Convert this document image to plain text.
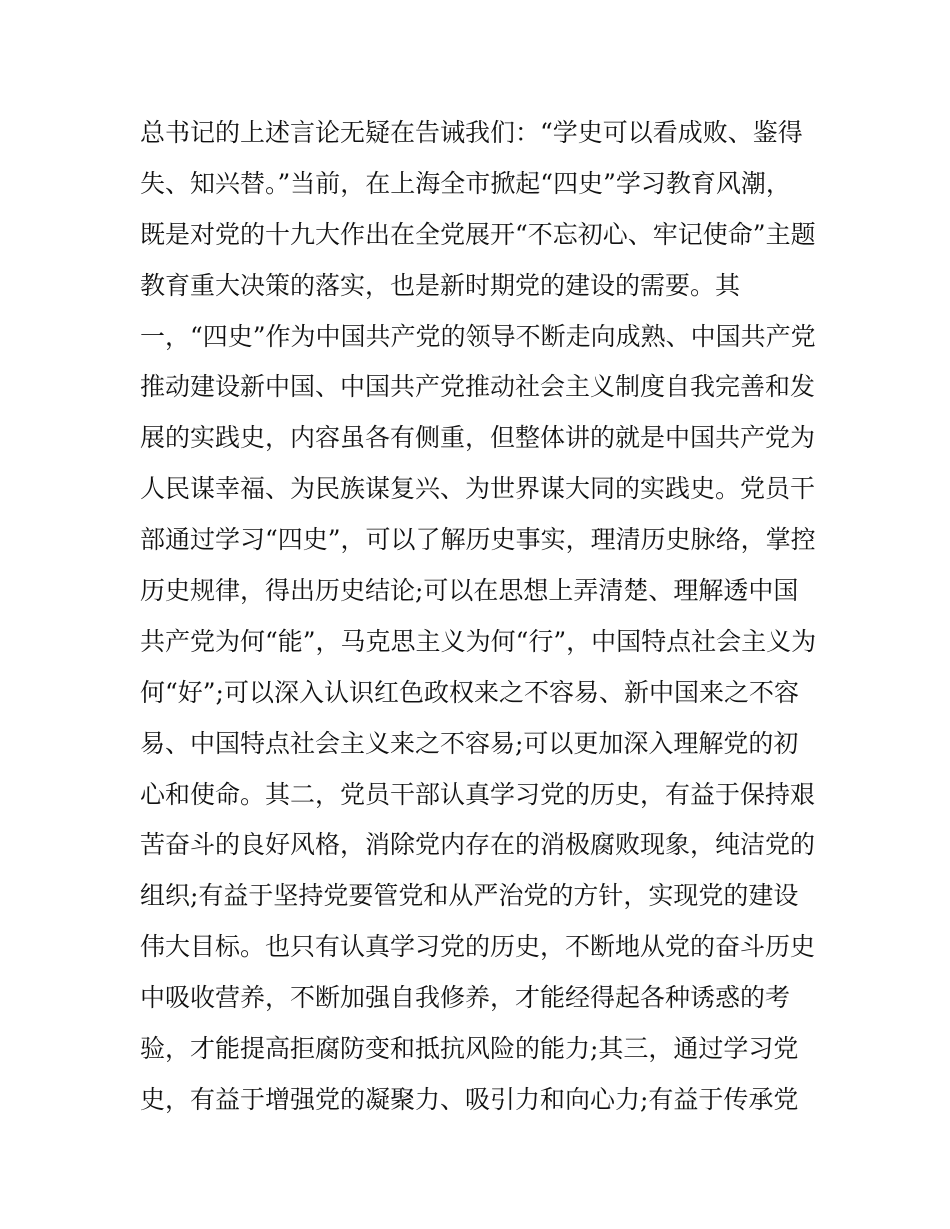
总书记的上述言论无疑在告诫我们：“学史可以看成败、鉴得
失、知兴替。”当前，在上海全市掀起“四史”学习教育风潮，
既是对党的十九大作出在全党展开“不忘初心、牢记使命”主题
教育重大决策的落实，也是新时期党的建设的需要。其
一，“四史”作为中国共产党的领导不断走向成熟、中国共产党
推动建设新中国、中国共产党推动社会主义制度自我完善和发
展的实践史，内容虽各有侧重，但整体讲的就是中国共产党为
人民谋幸福、为民族谋复兴、为世界谋大同的实践史。党员干
部通过学习“四史”，可以了解历史事实，理清历史脉络，掌控
历史规律，得出历史结论;可以在思想上弄清楚、理解透中国
共产党为何“能”，马克思主义为何“行”，中国特点社会主义为
何“好”;可以深入认识红色政权来之不容易、新中国来之不容
易、中国特点社会主义来之不容易;可以更加深入理解党的初
心和使命。其二，党员干部认真学习党的历史，有益于保持艰
苦奋斗的良好风格，消除党内存在的消极腐败现象，纯洁党的
组织;有益于坚持党要管党和从严治党的方针，实现党的建设
伟大目标。也只有认真学习党的历史，不断地从党的奋斗历史
中吸收营养，不断加强自我修养，才能经得起各种诱惑的考
验，才能提高拒腐防变和抵抗风险的能力;其三，通过学习党
史，有益于增强党的凝聚力、吸引力和向心力;有益于传承党
